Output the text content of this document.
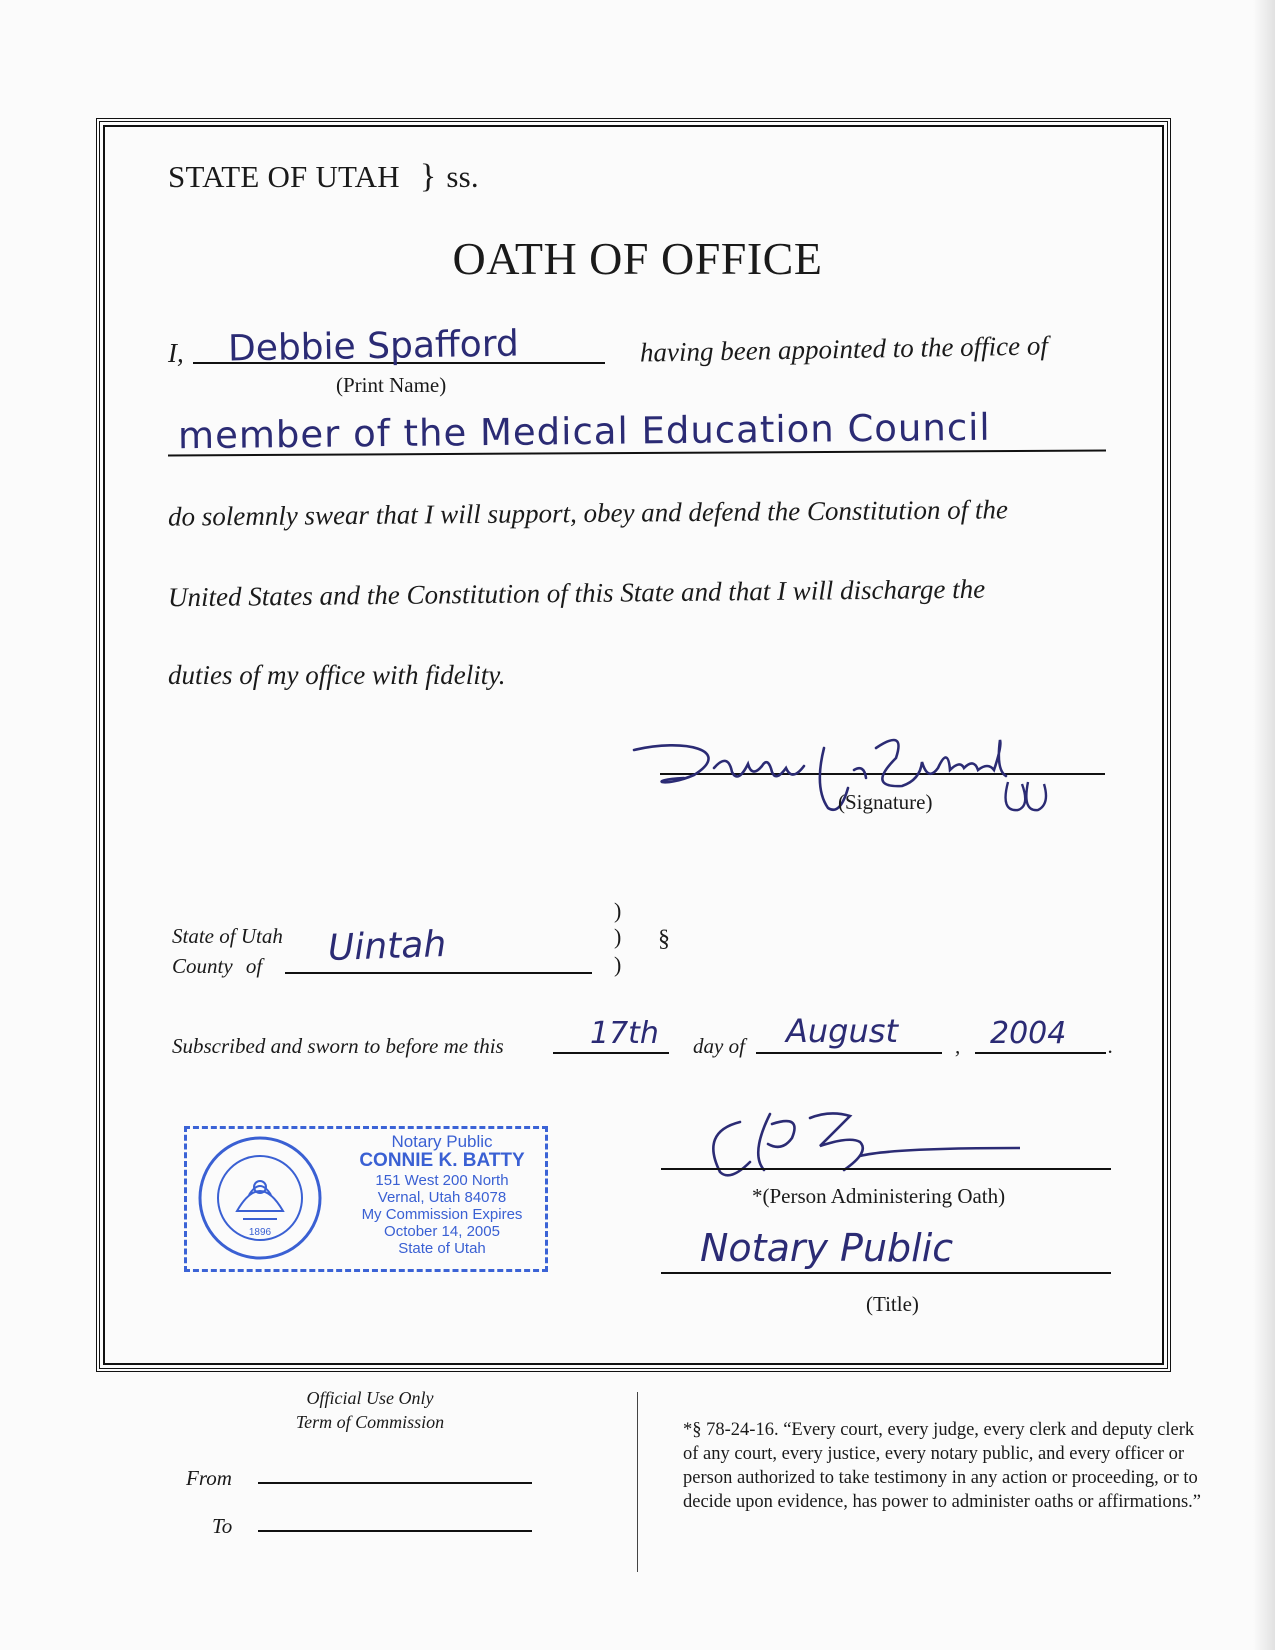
STATE OF UTAH } ss.
OATH OF OFFICE
I, Debbie Spafford
(Print Name)
having been appointed to the office of
member of the Medical Education Council
do solemnly swear that I will support, obey and defend the Constitution of the
United States and the Constitution of this State and that I will discharge the
duties of my office with fidelity.
(Signature)
State of Utah
County of Uintah
)
)
)
§
Subscribed and sworn to before me this	17th day of August	, 2004 .
1896
Notary Public
CONNIE K. BATTY
151 West 200 North
Vernal, Utah 84078
My Commission Expires
October 14, 2005
State of Utah
*(Person Administering Oath)
Notary Public
(Title)
Official Use Only
Term of Commission
From
To
*§ 78-24-16. “Every court, every judge, every clerk and deputy clerk of any court, every justice, every notary public, and every officer or person authorized to take testimony in any action or proceeding, or to decide upon evidence, has power to administer oaths or affirmations.”
